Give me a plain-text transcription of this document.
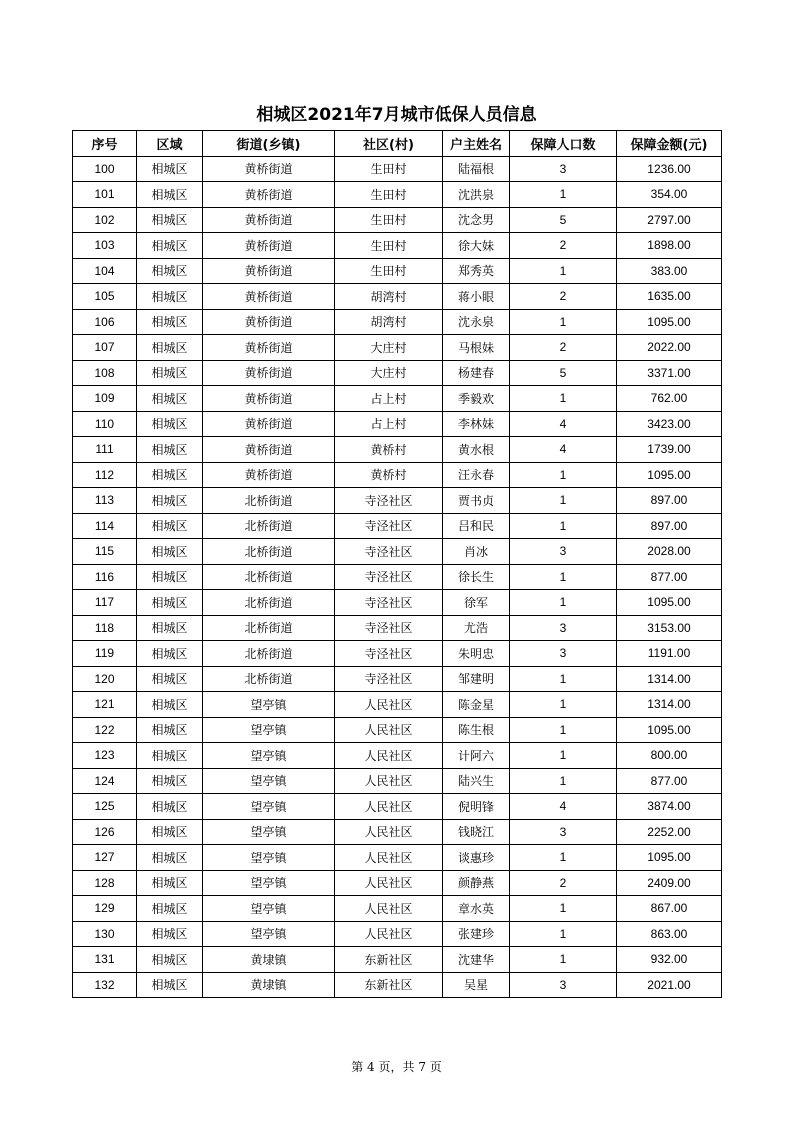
相城区2021年7月城市低保人员信息
序号	区域	街道(乡镇)	社区(村)	户主姓名	保障人口数	保障金额(元)
100	相城区	黄桥街道	生田村	陆福根	3	1236.00
101	相城区	黄桥街道	生田村	沈洪泉	1	354.00
102	相城区	黄桥街道	生田村	沈念男	5	2797.00
103	相城区	黄桥街道	生田村	徐大妹	2	1898.00
104	相城区	黄桥街道	生田村	郑秀英	1	383.00
105	相城区	黄桥街道	胡湾村	蒋小眼	2	1635.00
106	相城区	黄桥街道	胡湾村	沈永泉	1	1095.00
107	相城区	黄桥街道	大庄村	马根妹	2	2022.00
108	相城区	黄桥街道	大庄村	杨建春	5	3371.00
109	相城区	黄桥街道	占上村	季毅欢	1	762.00
110	相城区	黄桥街道	占上村	李林妹	4	3423.00
111	相城区	黄桥街道	黄桥村	黄水根	4	1739.00
112	相城区	黄桥街道	黄桥村	汪永春	1	1095.00
113	相城区	北桥街道	寺泾社区	贾书贞	1	897.00
114	相城区	北桥街道	寺泾社区	吕和民	1	897.00
115	相城区	北桥街道	寺泾社区	肖冰	3	2028.00
116	相城区	北桥街道	寺泾社区	徐长生	1	877.00
117	相城区	北桥街道	寺泾社区	徐军	1	1095.00
118	相城区	北桥街道	寺泾社区	尤浩	3	3153.00
119	相城区	北桥街道	寺泾社区	朱明忠	3	1191.00
120	相城区	北桥街道	寺泾社区	邹建明	1	1314.00
121	相城区	望亭镇	人民社区	陈金星	1	1314.00
122	相城区	望亭镇	人民社区	陈生根	1	1095.00
123	相城区	望亭镇	人民社区	计阿六	1	800.00
124	相城区	望亭镇	人民社区	陆兴生	1	877.00
125	相城区	望亭镇	人民社区	倪明锋	4	3874.00
126	相城区	望亭镇	人民社区	钱晓江	3	2252.00
127	相城区	望亭镇	人民社区	谈惠珍	1	1095.00
128	相城区	望亭镇	人民社区	颜静燕	2	2409.00
129	相城区	望亭镇	人民社区	章水英	1	867.00
130	相城区	望亭镇	人民社区	张建珍	1	863.00
131	相城区	黄埭镇	东新社区	沈建华	1	932.00
132	相城区	黄埭镇	东新社区	吴星	3	2021.00
第 4 页，共 7 页
